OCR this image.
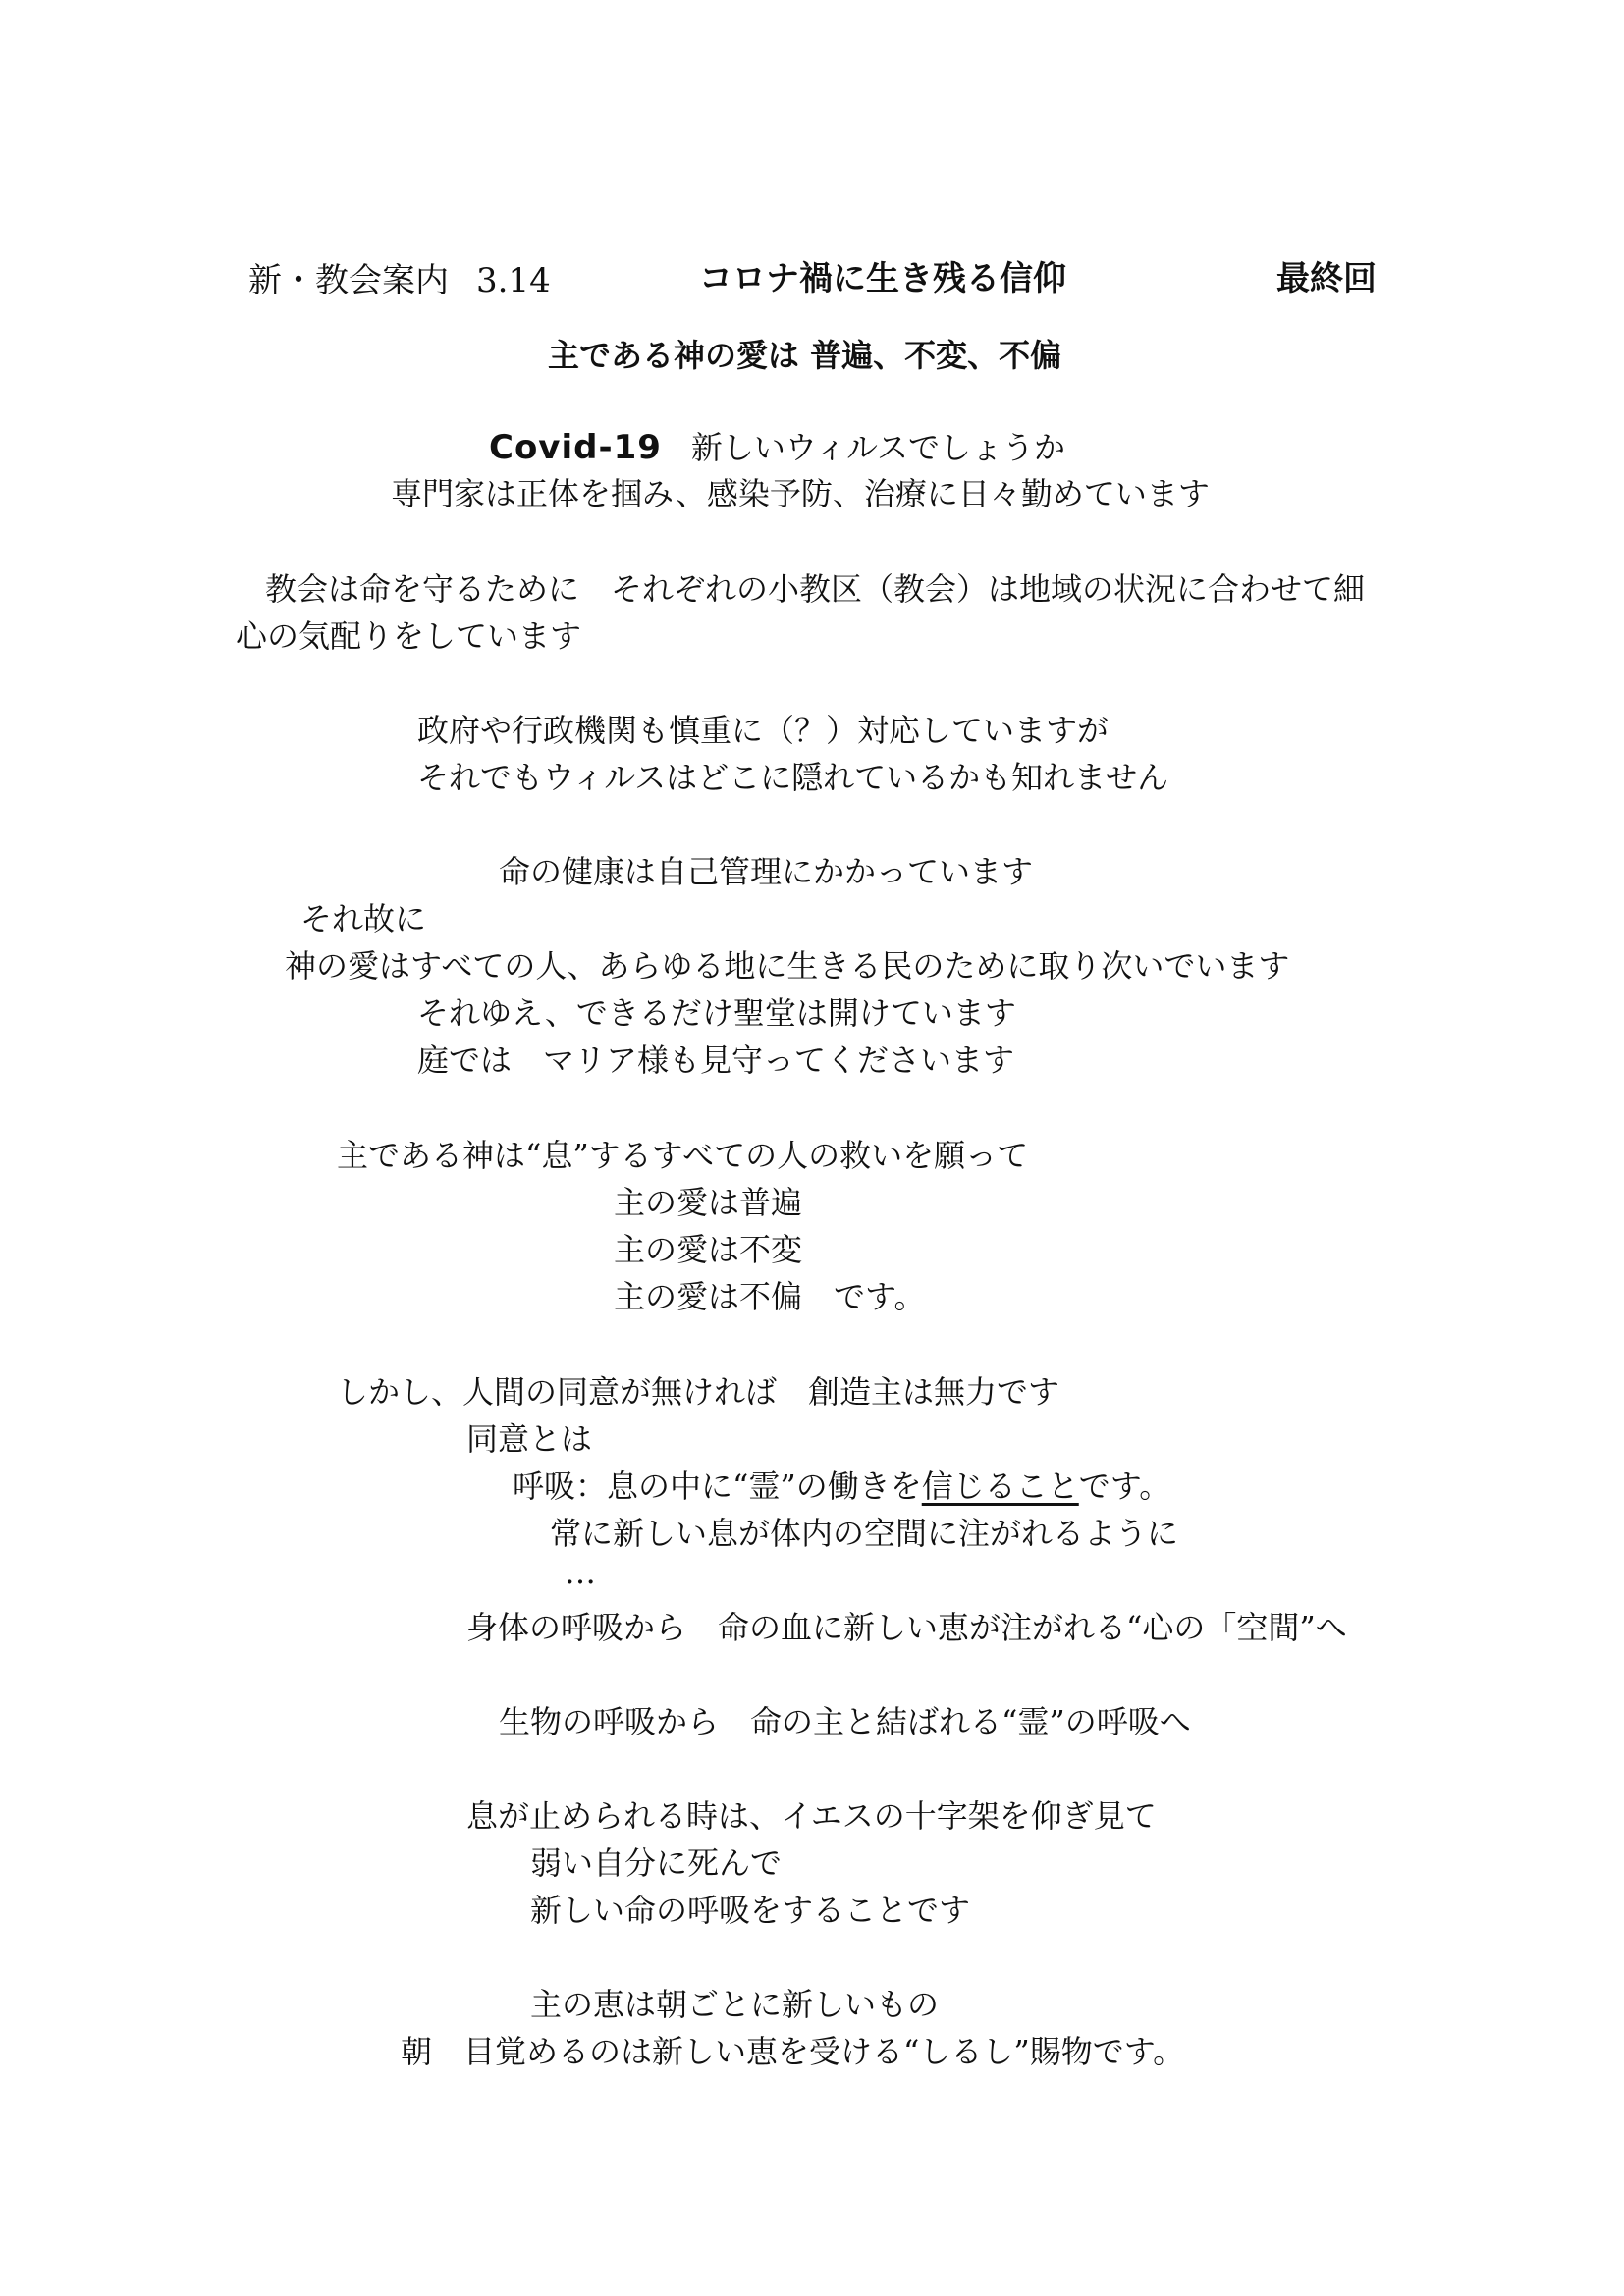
新・教会案内 3.14	コロナ禍に生き残る信仰	最終回
主である神の愛は 普遍、不変、不偏
Covid-19 新しいウィルスでしょうか
専門家は正体を掴み、感染予防、治療に日々勤めています
教会は命を守るために　それぞれの小教区（教会）は地域の状況に合わせて細
心の気配りをしています
政府や行政機関も慎重に（？）対応していますが
それでもウィルスはどこに隠れているかも知れません
命の健康は自己管理にかかっています
それ故に
神の愛はすべての人、あらゆる地に生きる民のために取り次いでいます
それゆえ、できるだけ聖堂は開けています
庭では　マリア様も見守ってくださいます
主である神は“息”するすべての人の救いを願って
主の愛は普遍
主の愛は不変
主の愛は不偏　です。
しかし、人間の同意が無ければ　創造主は無力です
同意とは
呼吸：息の中に“霊”の働きを信じることです。
常に新しい息が体内の空間に注がれるように
…
身体の呼吸から　命の血に新しい恵が注がれる“心の「空間”へ
生物の呼吸から　命の主と結ばれる“霊”の呼吸へ
息が止められる時は、イエスの十字架を仰ぎ見て
弱い自分に死んで
新しい命の呼吸をすることです
主の恵は朝ごとに新しいもの
朝　目覚めるのは新しい恵を受ける“しるし”賜物です。
